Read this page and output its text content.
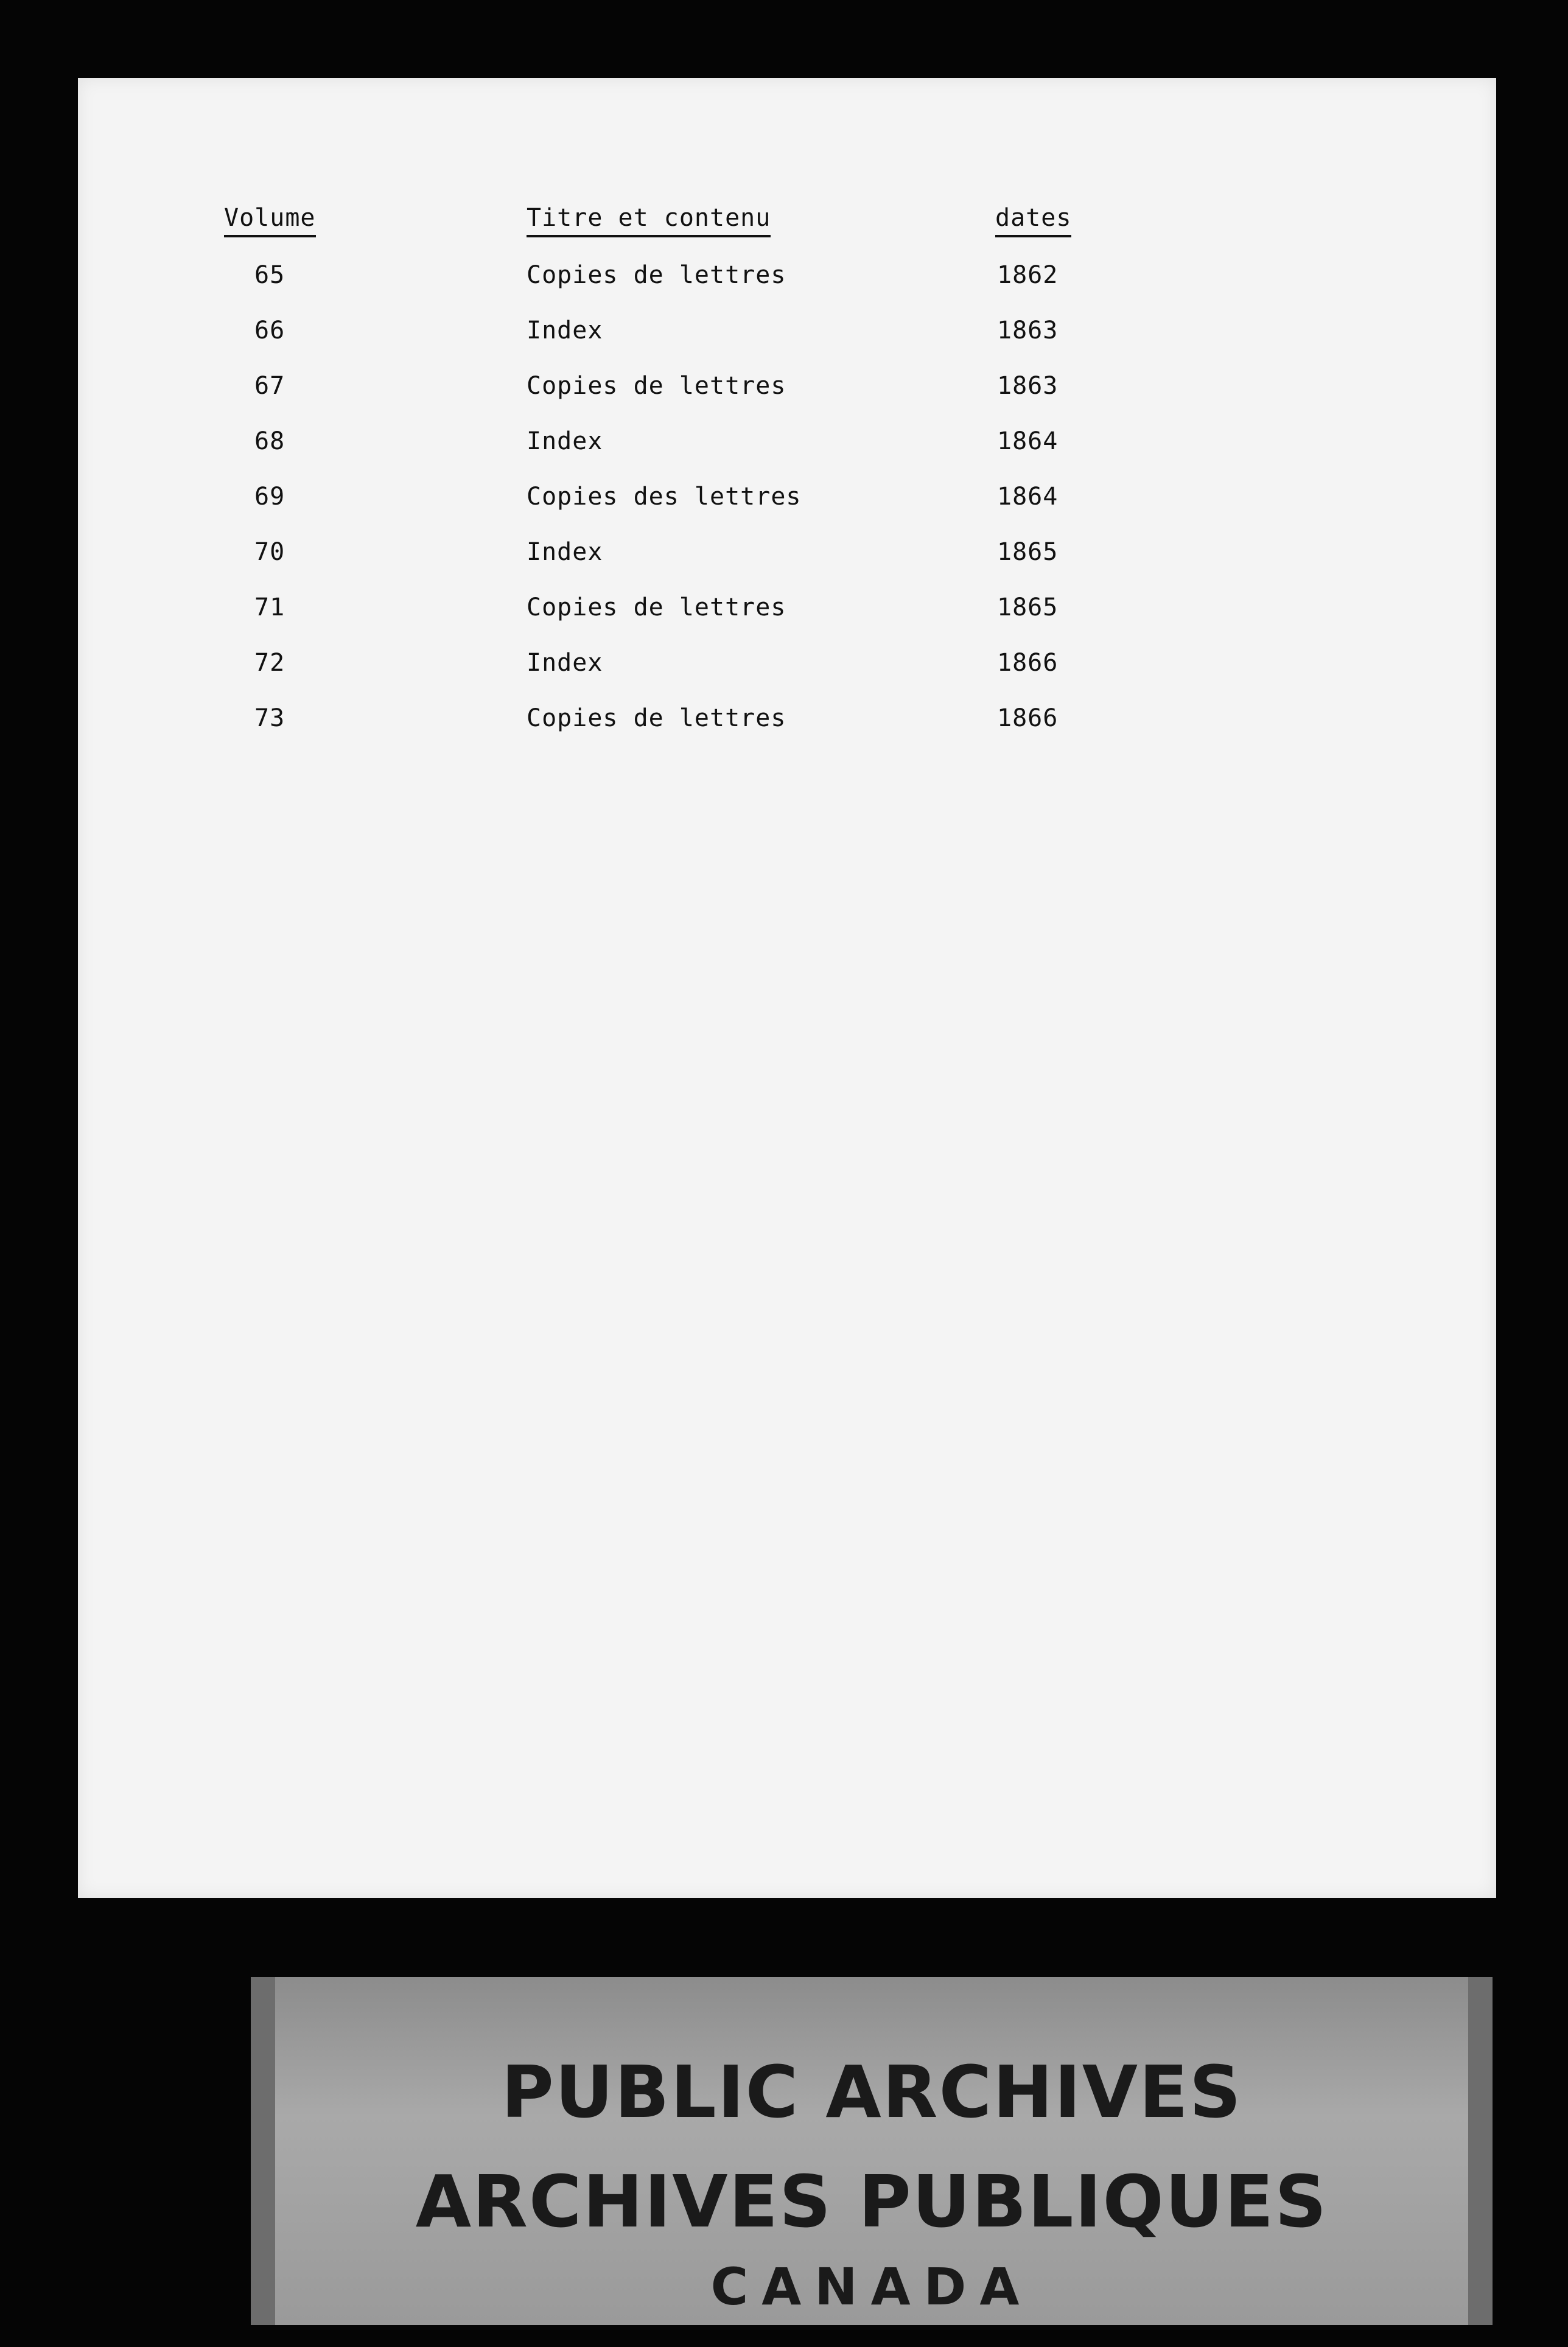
Volume	Titre et contenu	dates
65	Copies de lettres	1862
66	Index	1863
67	Copies de lettres	1863
68	Index	1864
69	Copies des lettres	1864
70	Index	1865
71	Copies de lettres	1865
72	Index	1866
73	Copies de lettres	1866
PUBLIC ARCHIVES
ARCHIVES PUBLIQUES
CANADA
